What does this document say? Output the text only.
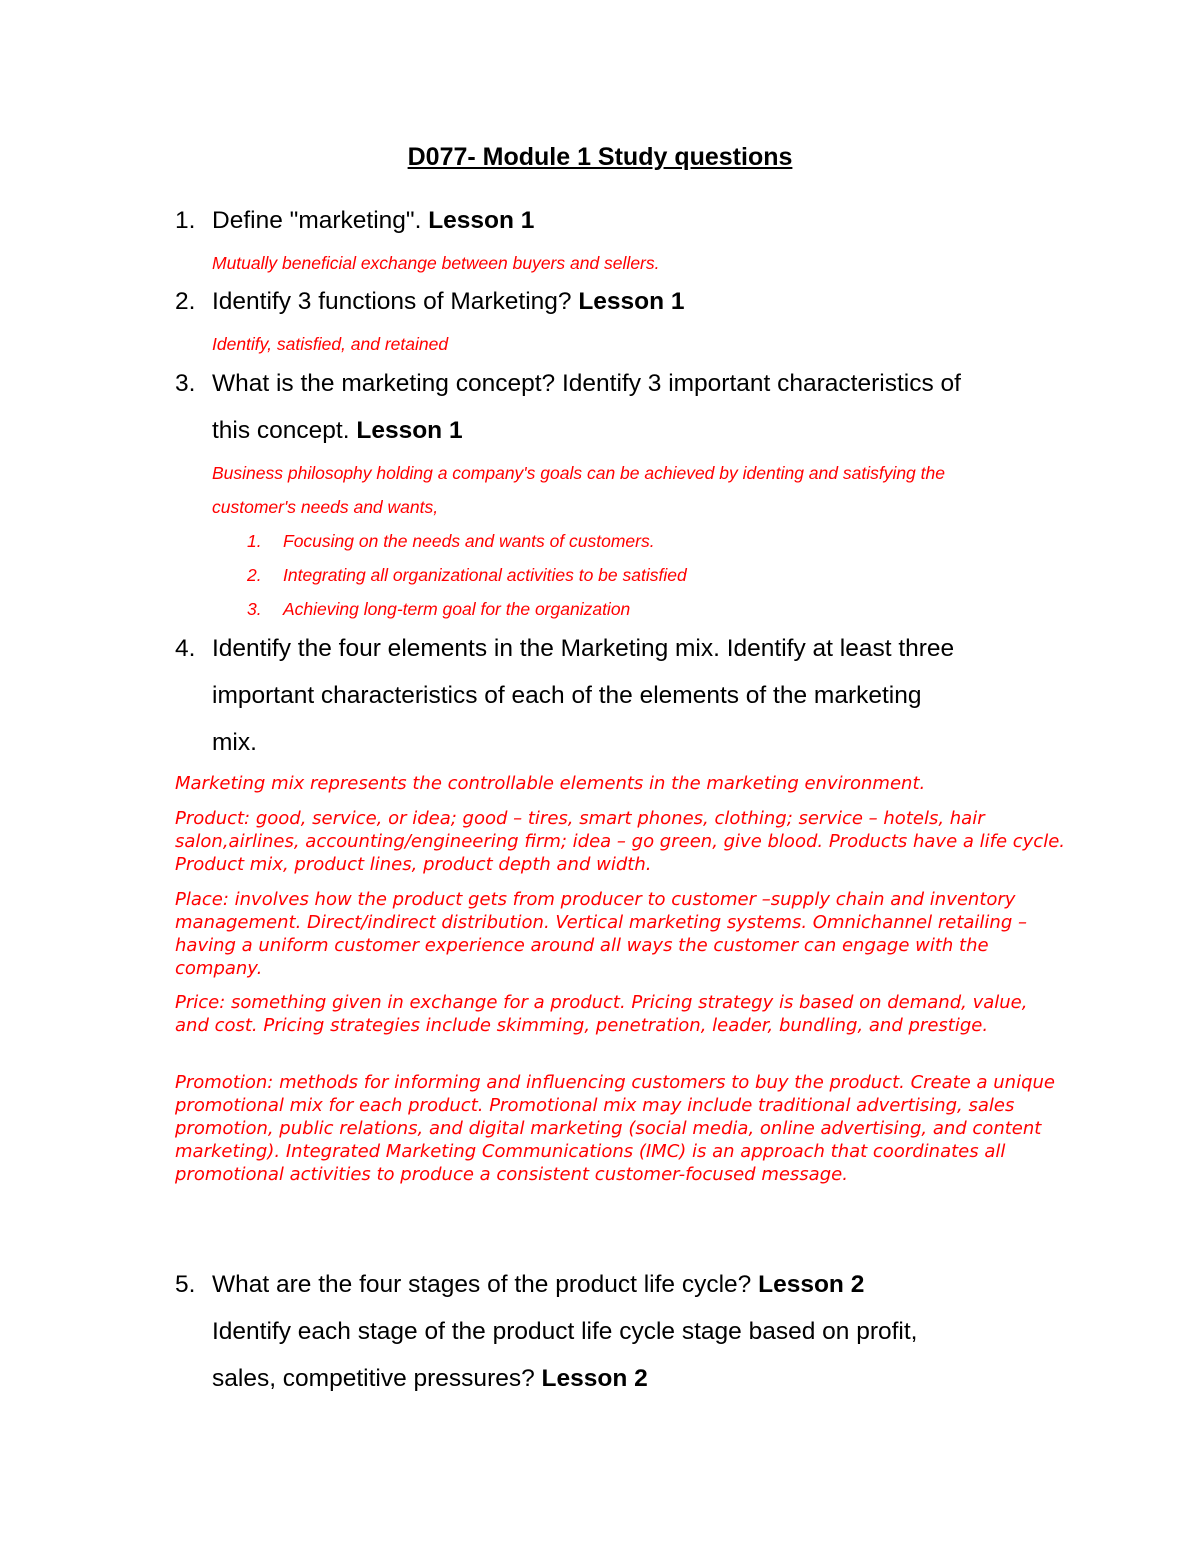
D077- Module 1 Study questions
1. Define "marketing". Lesson 1
Mutually beneficial exchange between buyers and sellers.
2. Identify 3 functions of Marketing? Lesson 1
Identify, satisfied, and retained
3. What is the marketing concept? Identify 3 important characteristics of
this concept. Lesson 1
Business philosophy holding a company's goals can be achieved by identing and satisfying the
customer's needs and wants,
1. Focusing on the needs and wants of customers.
2. Integrating all organizational activities to be satisfied
3. Achieving long-term goal for the organization
4. Identify the four elements in the Marketing mix. Identify at least three
important characteristics of each of the elements of the marketing
mix.
Marketing mix represents the controllable elements in the marketing environment.
Product: good, service, or idea; good – tires, smart phones, clothing; service – hotels, hair salon,airlines, accounting/engineering firm; idea – go green, give blood. Products have a life cycle. Product mix, product lines, product depth and width.
Place: involves how the product gets from producer to customer –supply chain and inventory management. Direct/indirect distribution. Vertical marketing systems. Omnichannel retailing – having a uniform customer experience around all ways the customer can engage with the company.
Price: something given in exchange for a product. Pricing strategy is based on demand, value, and cost. Pricing strategies include skimming, penetration, leader, bundling, and prestige.
Promotion: methods for informing and influencing customers to buy the product. Create a unique promotional mix for each product. Promotional mix may include traditional advertising, sales promotion, public relations, and digital marketing (social media, online advertising, and content marketing). Integrated Marketing Communications (IMC) is an approach that coordinates all promotional activities to produce a consistent customer-focused message.
5. What are the four stages of the product life cycle? Lesson 2
Identify each stage of the product life cycle stage based on profit,
sales, competitive pressures? Lesson 2
